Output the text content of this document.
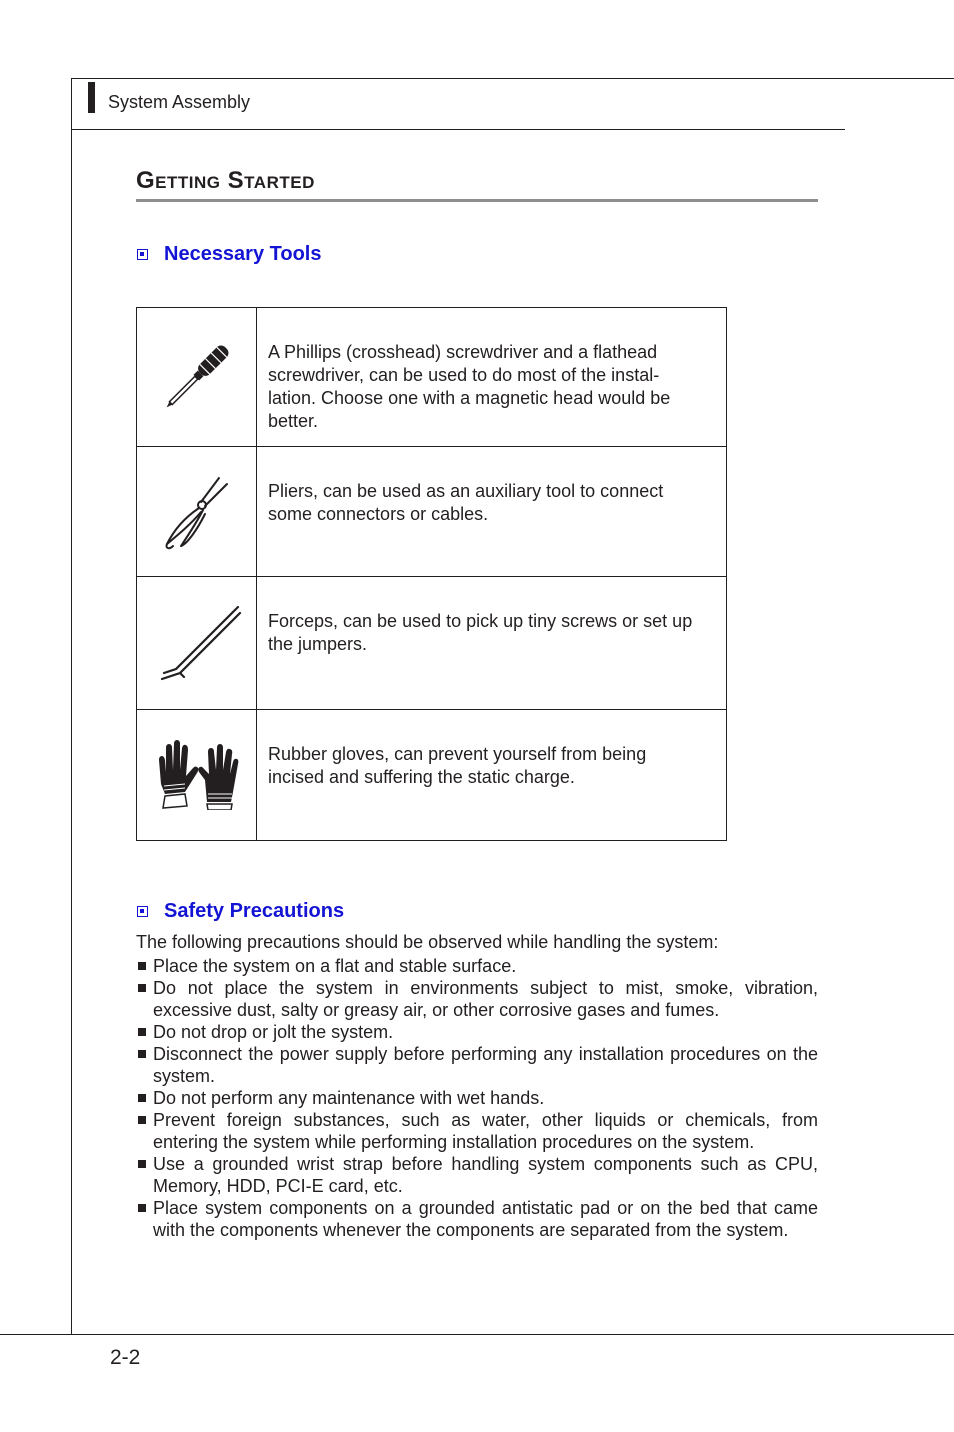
System Assembly
Getting Started
Necessary Tools
A Phillips (crosshead) screwdriver and a flathead screwdriver, can be used to do most of the instal-lation. Choose one with a magnetic head would be better.
Pliers, can be used as an auxiliary tool to connect some connectors or cables.
Forceps, can be used to pick up tiny screws or set up the jumpers.
Rubber gloves, can prevent yourself from being incised and suffering the static charge.
Safety Precautions
The following precautions should be observed while handling the system:
Place the system on a flat and stable surface.
Do not place the system in environments subject to mist, smoke, vibration, excessive dust, salty or greasy air, or other corrosive gases and fumes.
Do not drop or jolt the system.
Disconnect the power supply before performing any installation procedures on the system.
Do not perform any maintenance with wet hands.
Prevent foreign substances, such as water, other liquids or chemicals, from entering the system while performing installation procedures on the system.
Use a grounded wrist strap before handling system components such as CPU, Memory, HDD, PCI-E card, etc.
Place system components on a grounded antistatic pad or on the bed that came with the components whenever the components are separated from the system.
2-2
